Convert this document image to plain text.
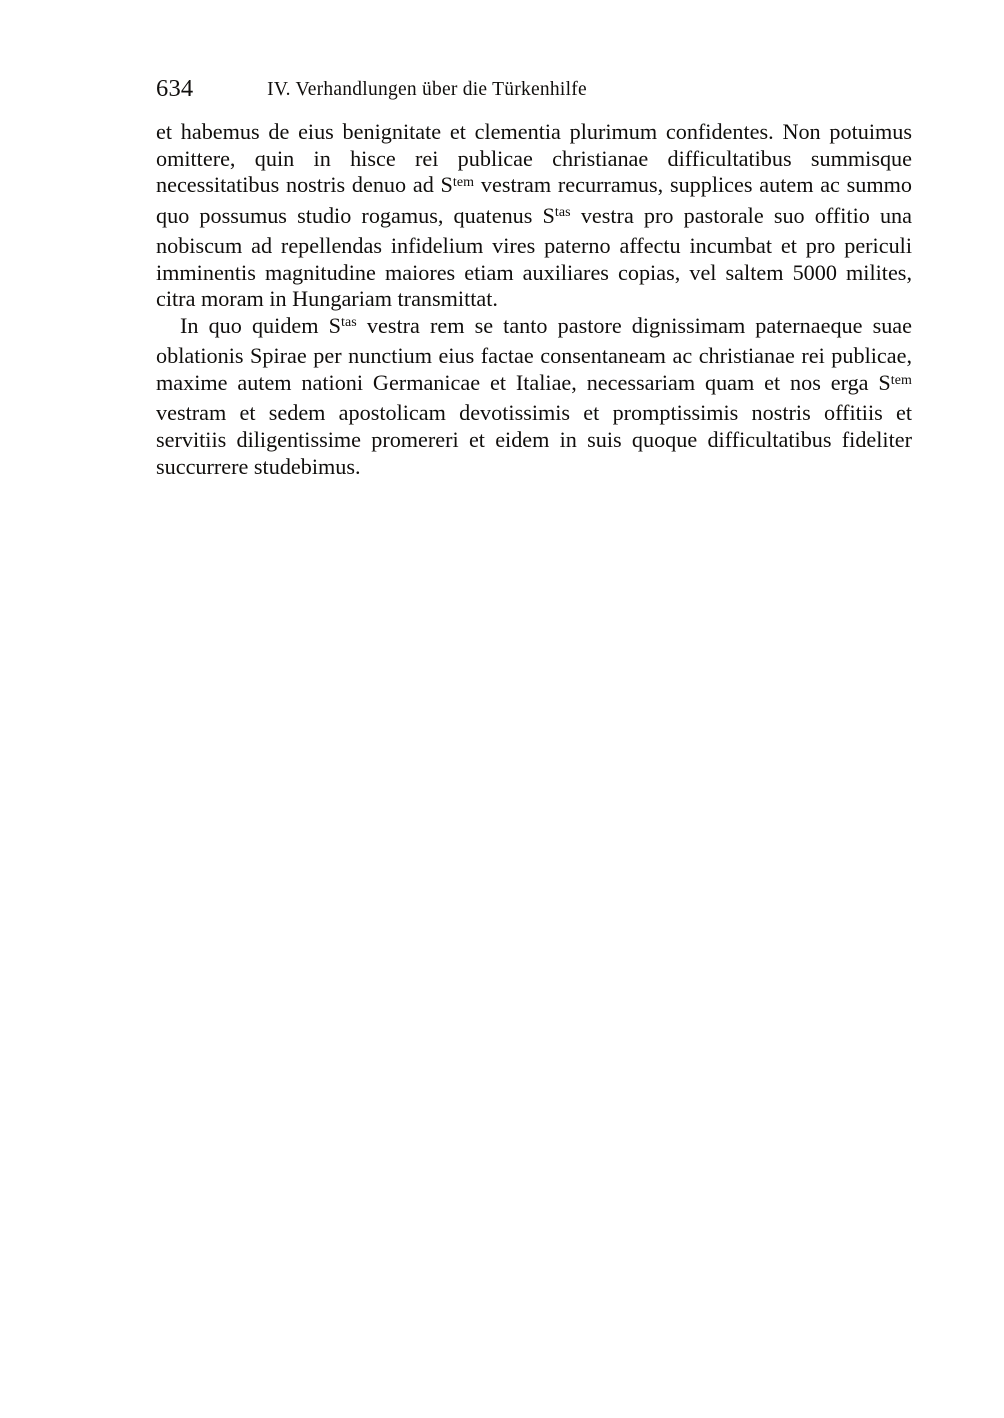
634	IV. Verhandlungen über die Türkenhilfe

et habemus de eius benignitate et clementia plurimum confidentes. Non potuimus omittere, quin in hisce rei publicae christianae difficultatibus summisque necessitatibus nostris denuo ad $S^{tem}$ vestram recurramus, supplices autem ac summo quo possumus studio rogamus, quatenus $S^{tas}$ vestra pro pastorale suo offitio una nobiscum ad repellendas infidelium vires paterno affectu incumbat et pro periculi imminentis magnitudine maiores etiam auxiliares copias, vel saltem 5000 milites, citra moram in Hungariam transmittat.

In quo quidem $S^{tas}$ vestra rem se tanto pastore dignissimam paternaeque suae oblationis Spirae per nunctium eius factae consentaneam ac christianae rei publicae, maxime autem nationi Germanicae et Italiae, necessariam quam et nos erga $S^{tem}$ vestram et sedem apostolicam devotissimis et promptissimis nostris offitiis et servitiis diligentissime promereri et eidem in suis quoque difficultatibus fideliter succurrere studebimus.
